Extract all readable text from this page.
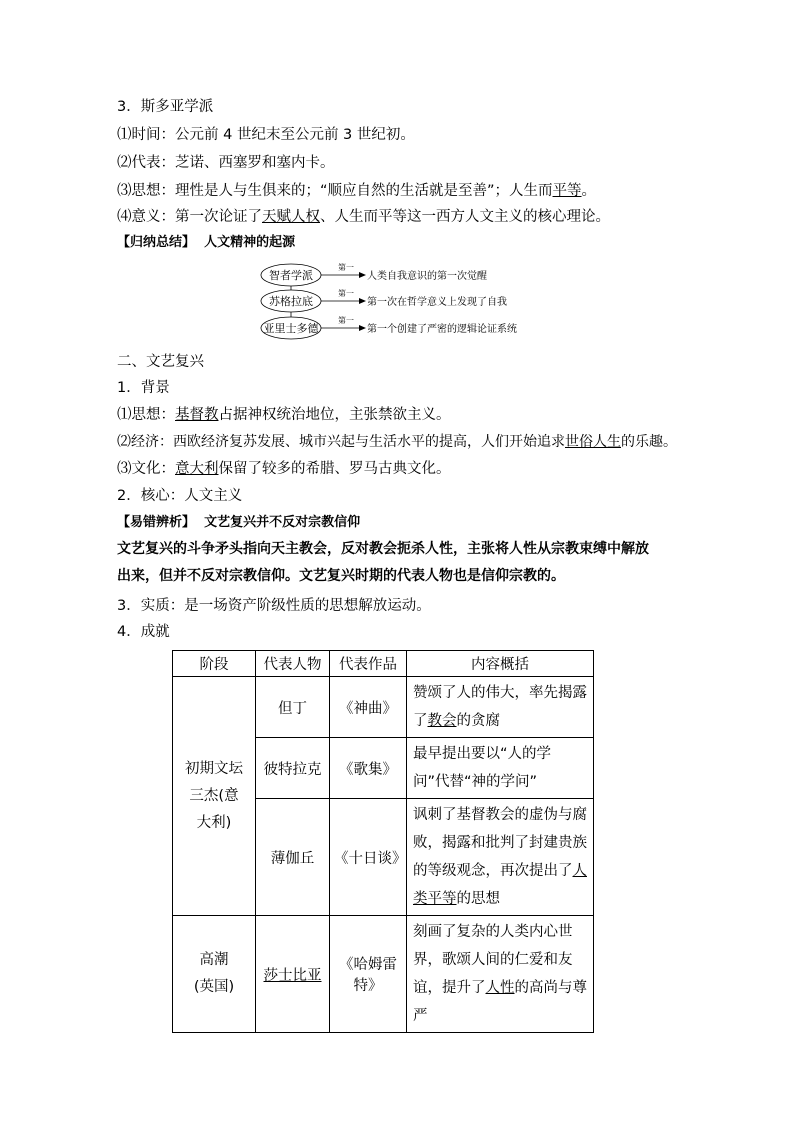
3．斯多亚学派
⑴时间：公元前 4 世纪末至公元前 3 世纪初。
⑵代表：芝诺、西塞罗和塞内卡。
⑶思想：理性是人与生俱来的；“顺应自然的生活就是至善”；人生而平等。
⑷意义：第一次论证了天赋人权、人生而平等这一西方人文主义的核心理论。
【归纳总结】 人文精神的起源
智者学派
第一
人类自我意识的第一次觉醒
苏格拉底
第一
第一次在哲学意义上发现了自我
亚里士多德
第一
第一个创建了严密的逻辑论证系统
二、文艺复兴
1．背景
⑴思想：基督教占据神权统治地位，主张禁欲主义。
⑵经济：西欧经济复苏发展、城市兴起与生活水平的提高，人们开始追求世俗人生的乐趣。
⑶文化：意大利保留了较多的希腊、罗马古典文化。
2．核心：人文主义
【易错辨析】 文艺复兴并不反对宗教信仰
文艺复兴的斗争矛头指向天主教会，反对教会扼杀人性，主张将人性从宗教束缚中解放出来，但并不反对宗教信仰。文艺复兴时期的代表人物也是信仰宗教的。
3．实质：是一场资产阶级性质的思想解放运动。
4．成就
阶段	代表人物	代表作品	内容概括

初期文坛三杰(意大利)	但丁	《神曲》	赞颂了人的伟大，率先揭露了教会的贪腐
	彼特拉克	《歌集》	最早提出要以“人的学问”代替“神的学问”
	薄伽丘	《十日谈》	讽刺了基督教会的虚伪与腐败，揭露和批判了封建贵族的等级观念，再次提出了人类平等的思想

高潮(英国)	莎士比亚	《哈姆雷特》	刻画了复杂的人类内心世界，歌颂人间的仁爱和友谊，提升了人性的高尚与尊严
